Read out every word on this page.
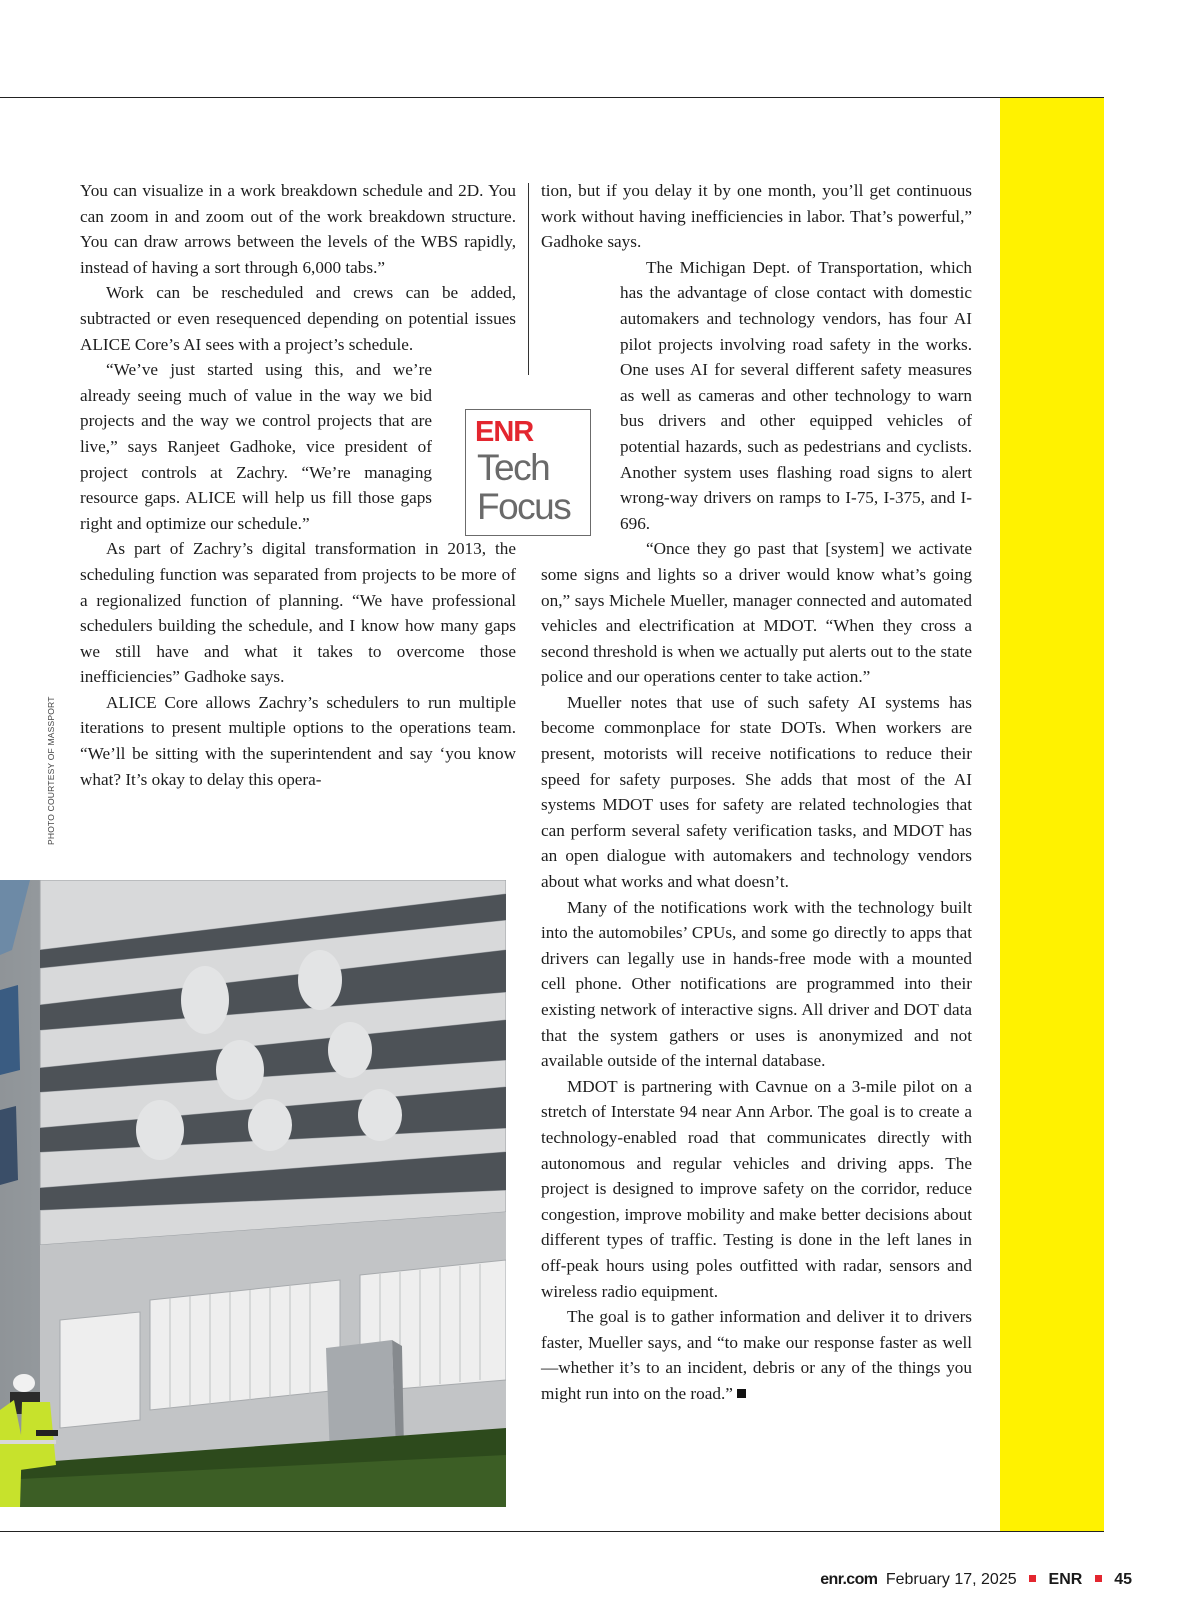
You can visualize in a work breakdown schedule and 2D. You can zoom in and zoom out of the work breakdown structure. You can draw arrows between the levels of the WBS rapidly, instead of having a sort through 6,000 tabs.”

Work can be rescheduled and crews can be added, subtracted or even resequenced depending on potential issues ALICE Core’s AI sees with a project’s schedule.

“We’ve just started using this, and we’re already seeing much of value in the way we bid projects and the way we control projects that are live,” says Ranjeet Gadhoke, vice president of project controls at Zachry. “We’re managing resource gaps. ALICE will help us fill those gaps right and optimize our schedule.”

As part of Zachry’s digital transformation in 2013, the scheduling function was separated from projects to be more of a regionalized function of planning. “We have professional schedulers building the schedule, and I know how many gaps we still have and what it takes to overcome those inefficiencies” Gadhoke says.

ALICE Core allows Zachry’s schedulers to run multiple iterations to present multiple options to the operations team. “We’ll be sitting with the superintendent and say ‘you know what? It’s okay to delay this opera-

tion, but if you delay it by one month, you’ll get continuous work without having inefficiencies in labor. That’s powerful,” Gadhoke says.

The Michigan Dept. of Transportation, which has the advantage of close contact with domestic automakers and technology vendors, has four AI pilot projects involving road safety in the works. One uses AI for several different safety measures as well as cameras and other technology to warn bus drivers and other equipped vehicles of potential hazards, such as pedestrians and cyclists. Another system uses flashing road signs to alert wrong-way drivers on ramps to I-75, I-375, and I-696.

“Once they go past that [system] we activate some signs and lights so a driver would know what’s going on,” says Michele Mueller, manager connected and automated vehicles and electrification at MDOT. “When they cross a second threshold is when we actually put alerts out to the state police and our operations center to take action.”

Mueller notes that use of such safety AI systems has become commonplace for state DOTs. When workers are present, motorists will receive notifications to reduce their speed for safety purposes. She adds that most of the AI systems MDOT uses for safety are related technologies that can perform several safety verification tasks, and MDOT has an open dialogue with automakers and technology vendors about what works and what doesn’t.

Many of the notifications work with the technology built into the automobiles’ CPUs, and some go directly to apps that drivers can legally use in hands-free mode with a mounted cell phone. Other notifications are programmed into their existing network of interactive signs. All driver and DOT data that the system gathers or uses is anonymized and not available outside of the internal database.

MDOT is partnering with Cavnue on a 3-mile pilot on a stretch of Interstate 94 near Ann Arbor. The goal is to create a technology-enabled road that communicates directly with autonomous and regular vehicles and driving apps. The project is designed to improve safety on the corridor, reduce congestion, improve mobility and make better decisions about different types of traffic. Testing is done in the left lanes in off-peak hours using poles outfitted with radar, sensors and wireless radio equipment.

The goal is to gather information and deliver it to drivers faster, Mueller says, and “to make our response faster as well—whether it’s to an incident, debris or any of the things you might run into on the road.”

ENR
Tech
Focus
PHOTO COURTESY OF MASSPORT
enr.com February 17, 2025 ENR 45
